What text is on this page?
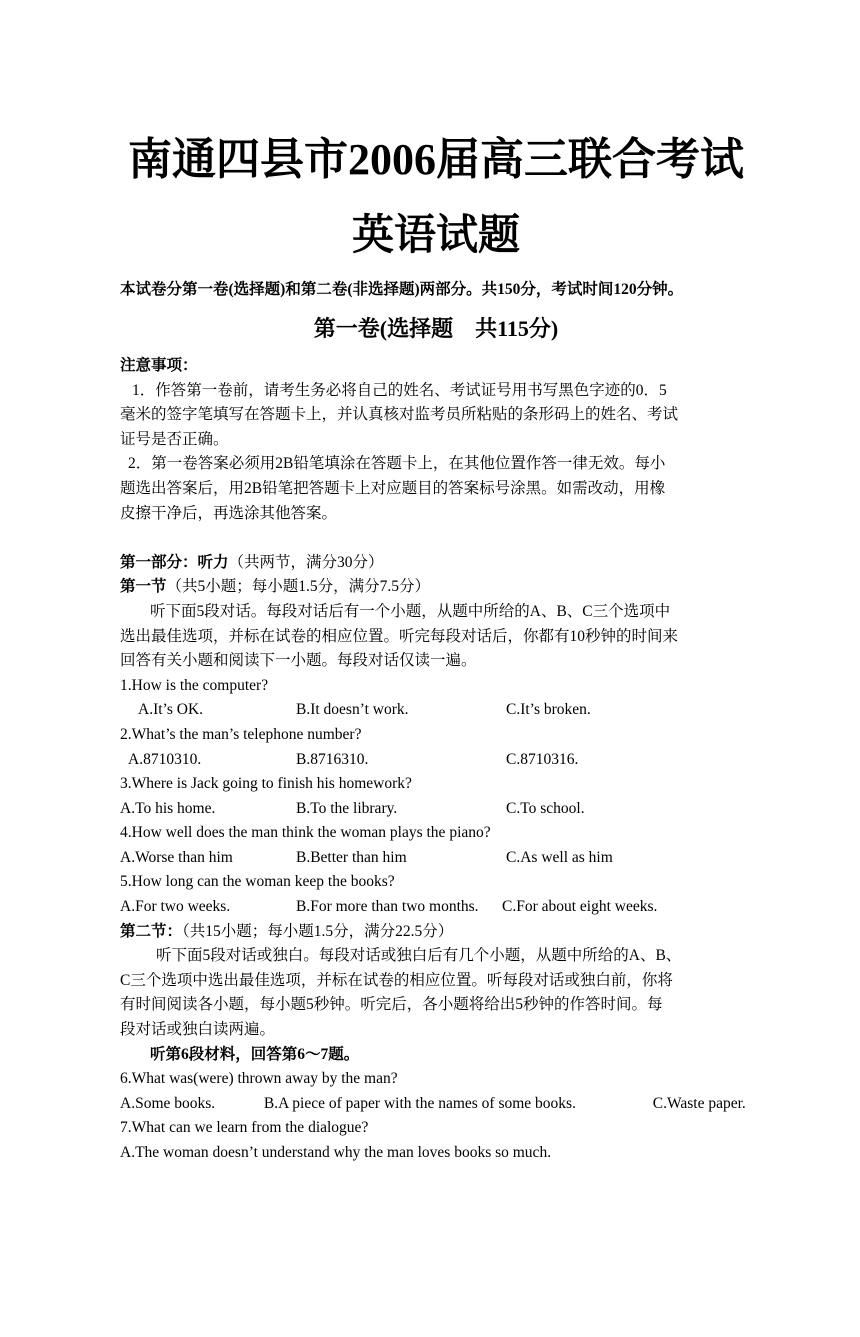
南通四县市2006届高三联合考试
英语试题
本试卷分第一卷(选择题)和第二卷(非选择题)两部分。共150分，考试时间120分钟。
第一卷(选择题　共115分)
注意事项：
1．作答第一卷前，请考生务必将自己的姓名、考试证号用书写黑色字迹的0．5
毫米的签字笔填写在答题卡上，并认真核对监考员所粘贴的条形码上的姓名、考试
证号是否正确。
2．第一卷答案必须用2B铅笔填涂在答题卡上，在其他位置作答一律无效。每小
题选出答案后，用2B铅笔把答题卡上对应题目的答案标号涂黑。如需改动，用橡
皮擦干净后，再选涂其他答案。
第一部分：听力（共两节，满分30分）
第一节（共5小题；每小题1.5分，满分7.5分）
听下面5段对话。每段对话后有一个小题，从题中所给的A、B、C三个选项中
选出最佳选项，并标在试卷的相应位置。听完每段对话后，你都有10秒钟的时间来
回答有关小题和阅读下一小题。每段对话仅读一遍。
1.How is the computer?
A.It’s OK.	B.It doesn’t work.	C.It’s broken.
2.What’s the man’s telephone number?
A.8710310.	B.8716310.	C.8710316.
3.Where is Jack going to finish his homework?
A.To his home.	B.To the library.	C.To school.
4.How well does the man think the woman plays the piano?
A.Worse than him	B.Better than him	C.As well as him
5.How long can the woman keep the books?
A.For two weeks.	B.For more than two months.	C.For about eight weeks.
第二节：（共15小题；每小题1.5分，满分22.5分）
听下面5段对话或独白。每段对话或独白后有几个小题，从题中所给的A、B、
C三个选项中选出最佳选项，并标在试卷的相应位置。听每段对话或独白前，你将
有时间阅读各小题，每小题5秒钟。听完后，各小题将给出5秒钟的作答时间。每
段对话或独白读两遍。
听第6段材料，回答第6～7题。
6.What was(were) thrown away by the man?
A.Some books.	B.A piece of paper with the names of some books.	C.Waste paper.
7.What can we learn from the dialogue?
A.The woman doesn’t understand why the man loves books so much.
